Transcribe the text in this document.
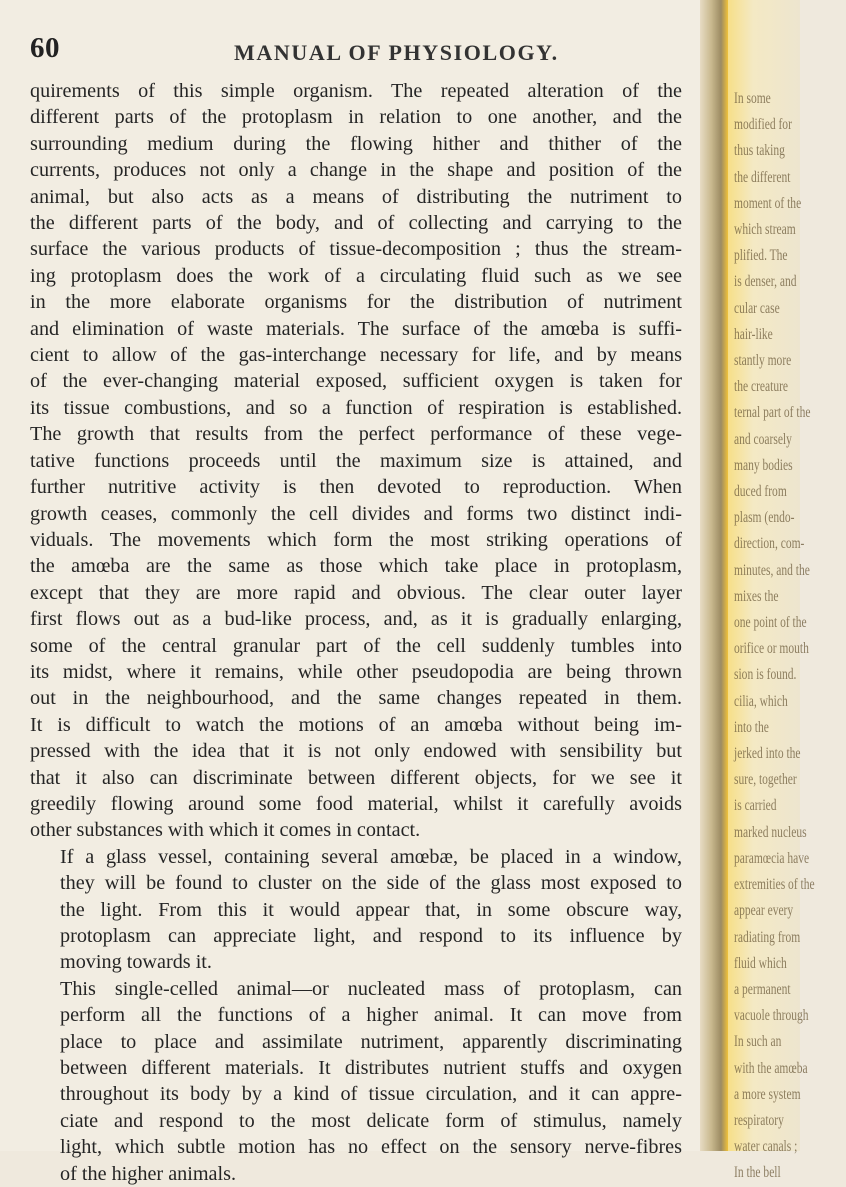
60	MANUAL OF PHYSIOLOGY.

quirements of this simple organism. The repeated alteration of the
different parts of the protoplasm in relation to one another, and the
surrounding medium during the flowing hither and thither of the
currents, produces not only a change in the shape and position of the
animal, but also acts as a means of distributing the nutriment to
the different parts of the body, and of collecting and carrying to the
surface the various products of tissue-decomposition ; thus the stream-
ing protoplasm does the work of a circulating fluid such as we see
in the more elaborate organisms for the distribution of nutriment
and elimination of waste materials. The surface of the amœba is suffi-
cient to allow of the gas-interchange necessary for life, and by means
of the ever-changing material exposed, sufficient oxygen is taken for
its tissue combustions, and so a function of respiration is established.
The growth that results from the perfect performance of these vege-
tative functions proceeds until the maximum size is attained, and
further nutritive activity is then devoted to reproduction. When
growth ceases, commonly the cell divides and forms two distinct indi-
viduals. The movements which form the most striking operations of
the amœba are the same as those which take place in protoplasm,
except that they are more rapid and obvious. The clear outer layer
first flows out as a bud-like process, and, as it is gradually enlarging,
some of the central granular part of the cell suddenly tumbles into
its midst, where it remains, while other pseudopodia are being thrown
out in the neighbourhood, and the same changes repeated in them.
It is difficult to watch the motions of an amœba without being im-
pressed with the idea that it is not only endowed with sensibility but
that it also can discriminate between different objects, for we see it
greedily flowing around some food material, whilst it carefully avoids
other substances with which it comes in contact.

If a glass vessel, containing several amœbæ, be placed in a window,
they will be found to cluster on the side of the glass most exposed to
the light. From this it would appear that, in some obscure way,
protoplasm can appreciate light, and respond to its influence by
moving towards it.

This single-celled animal—or nucleated mass of protoplasm, can
perform all the functions of a higher animal. It can move from
place to place and assimilate nutriment, apparently discriminating
between different materials. It distributes nutrient stuffs and oxygen
throughout its body by a kind of tissue circulation, and it can appre-
ciate and respond to the most delicate form of stimulus, namely
light, which subtle motion has no effect on the sensory nerve-fibres
of the higher animals.

In some
modified for
thus taking
the different
moment of the
which stream
plified. The
is denser, and
cular case
hair-like
stantly more
the creature
ternal part of the
and coarsely
many bodies
duced from
plasm (endo-
direction, com-
minutes, and the
mixes the
one point of the
orifice or mouth
sion is found.
cilia, which
into the
jerked into the
sure, together
is carried
marked nucleus
paramœcia have
extremities of the
appear every
radiating from
fluid which
a permanent
vacuole through
In such an
with the amœba
a more system
respiratory
water canals ;
In the bell
